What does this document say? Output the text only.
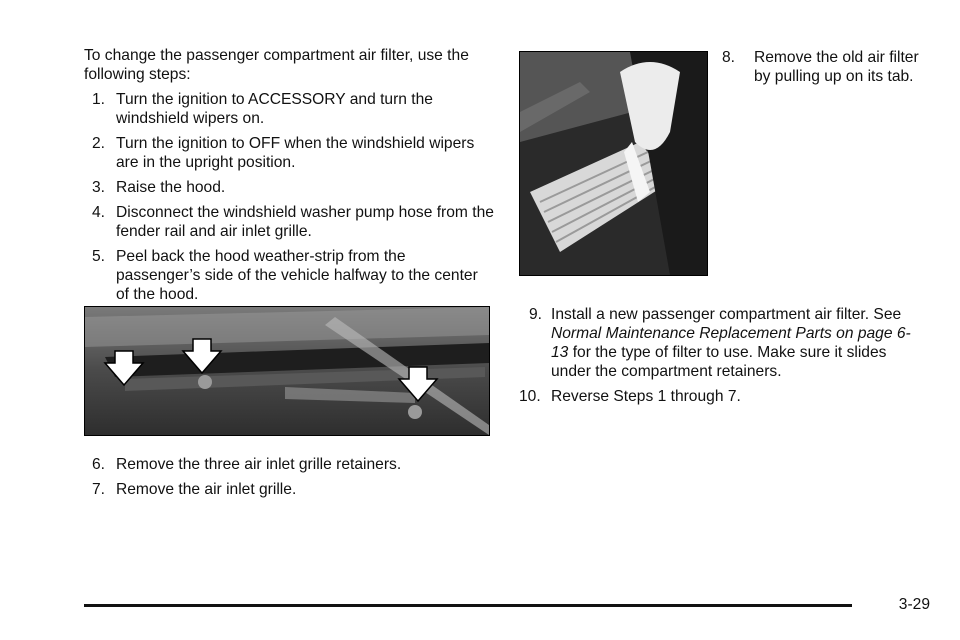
To change the passenger compartment air filter, use the following steps:

1. Turn the ignition to ACCESSORY and turn the windshield wipers on.
2. Turn the ignition to OFF when the windshield wipers are in the upright position.
3. Raise the hood.
4. Disconnect the windshield washer pump hose from the fender rail and air inlet grille.
5. Peel back the hood weather-strip from the passenger’s side of the vehicle halfway to the center of the hood.
6. Remove the three air inlet grille retainers.
7. Remove the air inlet grille.
8. Remove the old air filter by pulling up on its tab.
9. Install a new passenger compartment air filter. See Normal Maintenance Replacement Parts on page 6-13 for the type of filter to use. Make sure it slides under the compartment retainers.
10. Reverse Steps 1 through 7.
3-29
